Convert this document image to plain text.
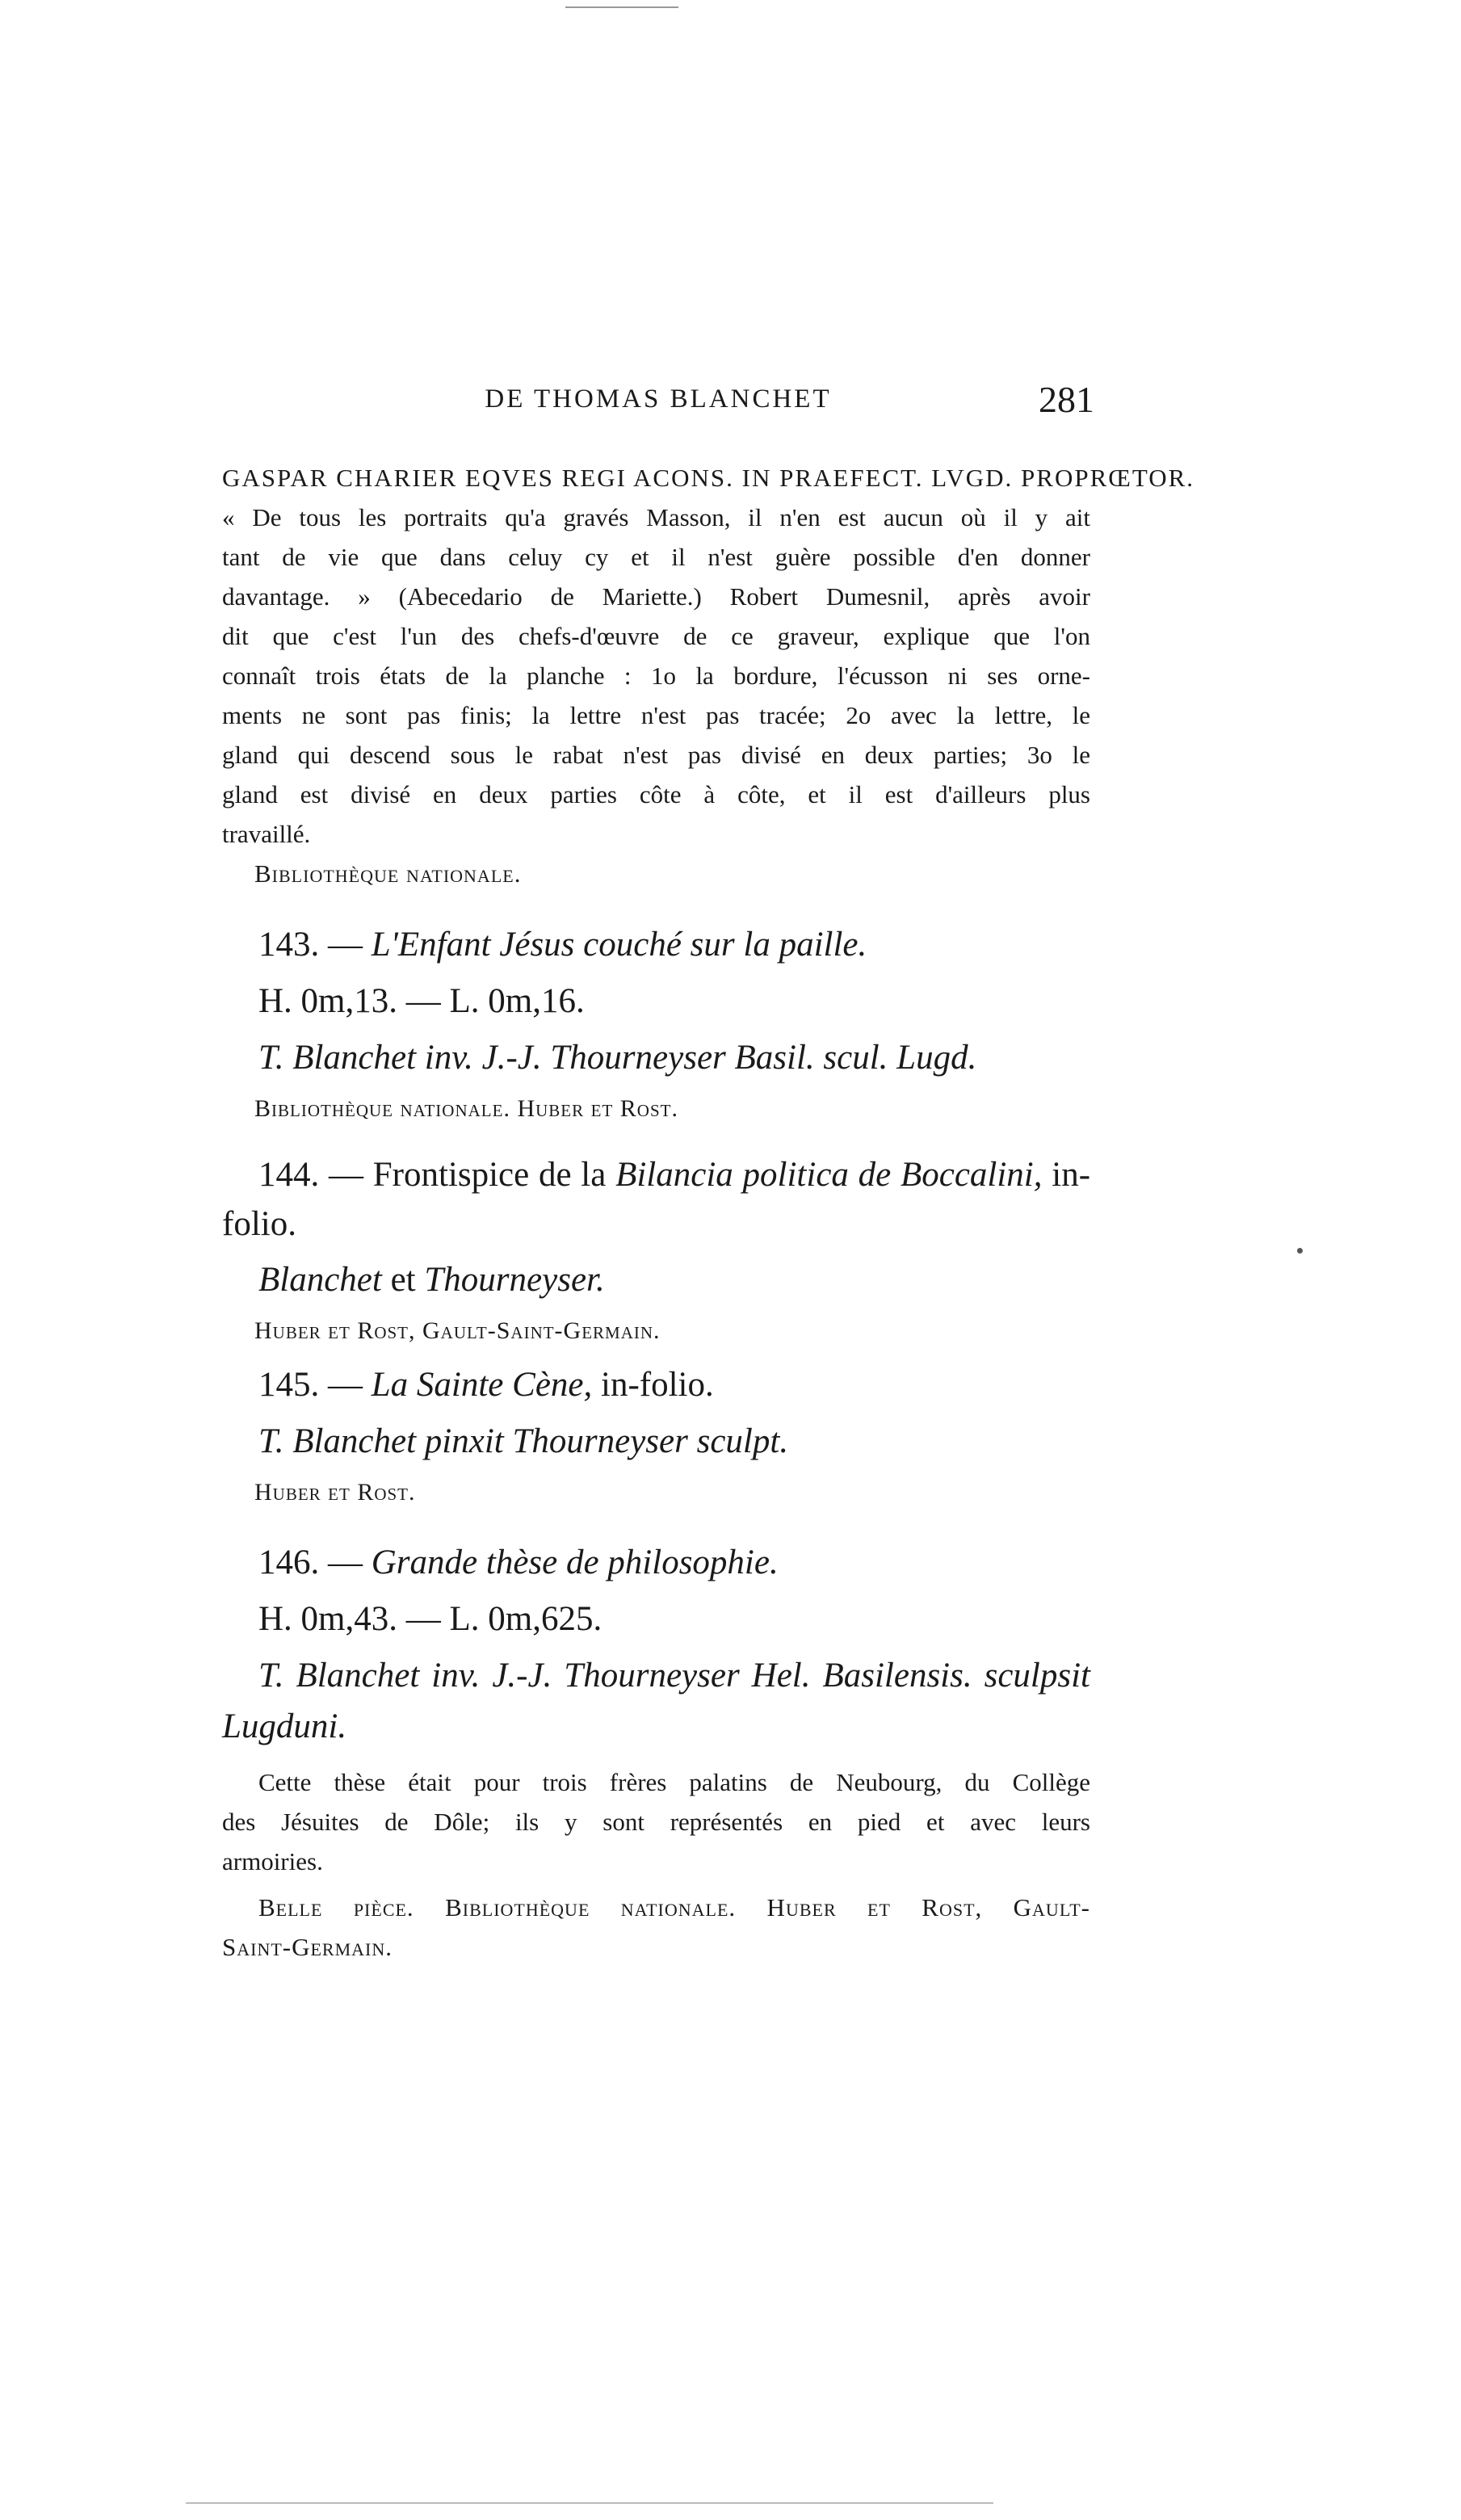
DE THOMAS BLANCHET	281
GASPAR CHARIER EQVES REGI ACONS. IN PRAEFECT. LVGD. PROPRŒTOR.
« De tous les portraits qu'a gravés Masson, il n'en est aucun où il y ait
tant de vie que dans celuy cy et il n'est guère possible d'en donner
davantage. » (Abecedario de Mariette.) Robert Dumesnil, après avoir
dit que c'est l'un des chefs-d'œuvre de ce graveur, explique que l'on
connaît trois états de la planche : 1o la bordure, l'écusson ni ses orne-
ments ne sont pas finis; la lettre n'est pas tracée; 2o avec la lettre, le
gland qui descend sous le rabat n'est pas divisé en deux parties; 3o le
gland est divisé en deux parties côte à côte, et il est d'ailleurs plus
travaillé.
Bibliothèque nationale.
143. — L'Enfant Jésus couché sur la paille.
H. 0m,13. — L. 0m,16.
T. Blanchet inv. J.-J. Thourneyser Basil. scul. Lugd.
Bibliothèque nationale. Huber et Rost.
144. — Frontispice de la Bilancia politica de Boccalini, in-
folio.
Blanchet et Thourneyser.
Huber et Rost, Gault-Saint-Germain.
145. — La Sainte Cène, in-folio.
T. Blanchet pinxit Thourneyser sculpt.
Huber et Rost.
146. — Grande thèse de philosophie.
H. 0m,43. — L. 0m,625.
T. Blanchet inv. J.-J. Thourneyser Hel. Basilensis. sculpsit
Lugduni.
Cette thèse était pour trois frères palatins de Neubourg, du Collège
des Jésuites de Dôle; ils y sont représentés en pied et avec leurs
armoiries.
Belle pièce. Bibliothèque nationale. Huber et Rost, Gault-
Saint-Germain.
